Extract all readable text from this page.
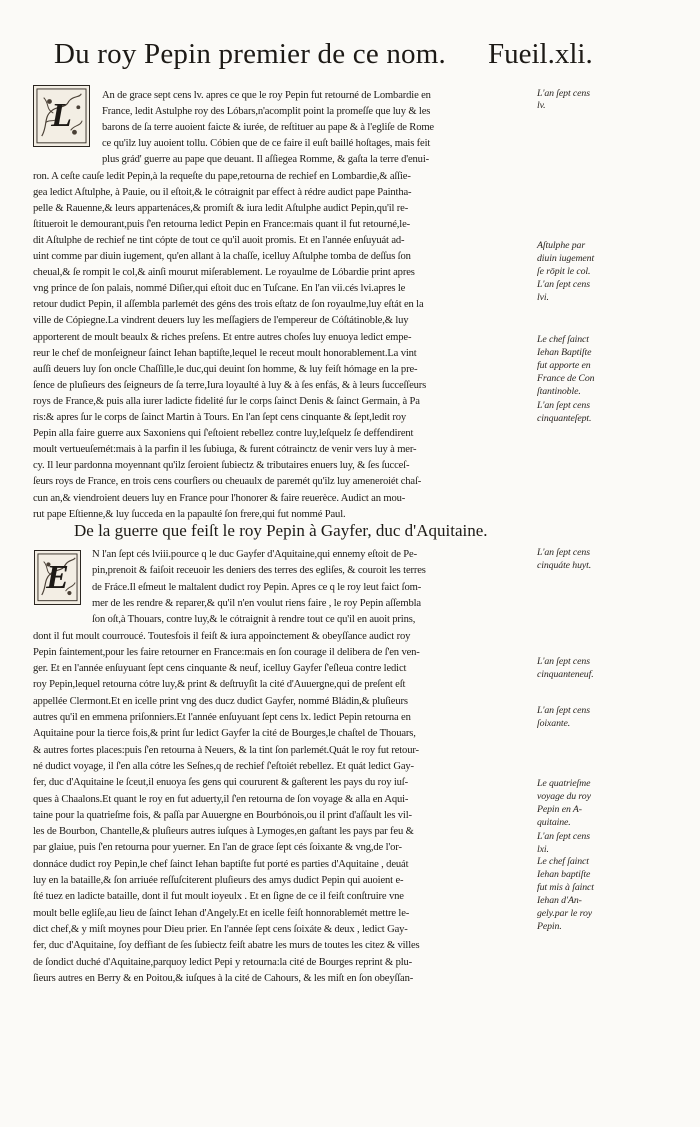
Du roy Pepin premier de ce nom.	Fueil.xli.
L
E
An de grace sept cens lv. apres ce que le roy Pepin fut retourné de Lombardie en
France, ledit Astulphe roy des Lóbars,n'acomplit point la promeſſe que luy & les
barons de ſa terre auoient faicte & iurée, de reſtituer au pape & à l'egliſe de Rome
ce qu'ilz luy auoient tollu. Cóbien que de ce faire il euſt baillé hoſtages, mais feit
plus grád' guerre au pape que deuant. Il aſſiegea Romme, & gaſta la terre d'enui-
ron. A ceſte cauſe ledit Pepin,à la requeſte du pape,retourna de rechief en Lombardie,& aſſie-
gea ledict Aſtulphe, à Pauie, ou il eſtoit,& le cótraignit par effect à rédre audict pape Paintha-
pelle & Rauenne,& leurs appartenáces,& promiſt & iura ledit Aſtulphe audict Pepin,qu'il re-
ſtitueroit le demourant,puis ſ'en retourna ledict Pepin en France:mais quant il fut retourné,le-
dit Aſtulphe de rechief ne tint cópte de tout ce qu'il auoit promis. Et en l'année enſuyuát ad-
uint comme par diuin iugement, qu'en allant à la chaſſe, icelluy Aſtulphe tomba de deſſus ſon
cheual,& ſe rompit le col,& ainſi mourut miſerablement. Le royaulme de Lóbardie print apres
vng prince de ſon palais, nommé Diſier,qui eſtoit duc en Tuſcane. En l'an vii.cés lvi.apres le
retour dudict Pepin, il aſſembla parlemét des géns des trois eſtatz de ſon royaulme,luy eſtát en la
ville de Cópiegne.La vindrent deuers luy les meſſagiers de l'empereur de Cóſtátinoble,& luy
apporterent de moult beaulx & riches preſens. Et entre autres choſes luy enuoya ledict empe-
reur le chef de monſeigneur ſainct Iehan baptiſte,lequel le receut moult honorablement.La vint
auſſi deuers luy ſon oncle Chaſſille,le duc,qui deuint ſon homme, & luy feiſt hómage en la pre-
ſence de pluſieurs des ſeigneurs de ſa terre,Iura loyaulté à luy & à ſes enfás, & à leurs ſucceſſeurs
roys de France,& puis alla iurer ladicte fidelité ſur le corps ſainct Denis & ſainct Germain, à Pa
ris:& apres ſur le corps de ſainct Martin à Tours. En l'an ſept cens cinquante & ſept,ledit roy
Pepin alla faire guerre aux Saxoniens qui ſ'eſtoient rebellez contre luy,leſquelz ſe deffendirent
moult vertueuſemét:mais à la parfin il les ſubiuga, & furent cótrainctz de venir vers luy à mer-
cy. Il leur pardonna moyennant qu'ilz ſeroient ſubiectz & tributaires enuers luy, & ſes ſucceſ-
ſeurs roys de France, en trois cens courſiers ou cheuaulx de paremét qu'ilz luy ameneroiét chaſ-
cun an,& viendroient deuers luy en France pour l'honorer & faire reuerèce. Audict an mou-
rut pape Eſtienne,& luy ſucceda en la papaulté ſon frere,qui fut nommé Paul.
De la guerre que feiſt le roy Pepin à Gayfer, duc d'Aquitaine.
N l'an ſept cés lviii.pource q le duc Gayfer d'Aquitaine,qui ennemy eſtoit de Pe-
pin,prenoit & faiſoit receuoir les deniers des terres des egliſes, & couroit les terres
de Fráce.Il eſmeut le maltalent dudict roy Pepin. Apres ce q le roy leut faict ſom-
mer de les rendre & reparer,& qu'il n'en voulut riens faire , le roy Pepin aſſembla
ſon oſt,à Thouars, contre luy,& le cótraignit à rendre tout ce qu'il en auoit prins,
dont il fut moult courroucé. Toutesfois il feiſt & iura appoinctement & obeyſſance audict roy
Pepin faintement,pour les faire retourner en France:mais en ſon courage il delibera de ſ'en ven-
ger. Et en l'année enſuyuant ſept cens cinquante & neuf, icelluy Gayfer ſ'eſleua contre ledict
roy Pepin,lequel retourna cótre luy,& print & deſtruyſit la cité d'Auuergne,qui de preſent eſt
appellée Clermont.Et en icelle print vng des ducz dudict Gayfer, nommé Bládin,& pluſieurs
autres qu'il en emmena priſonniers.Et l'année enſuyuant ſept cens lx. ledict Pepin retourna en
Aquitaine pour la tierce fois,& print ſur ledict Gayfer la cité de Bourges,le chaſtel de Thouars,
& autres fortes places:puis ſ'en retourna à Neuers, & la tint ſon parlemét.Quát le roy fut retour-
né dudict voyage, il ſ'en alla cótre les Seſnes,q de rechief ſ'eſtoiét rebellez. Et quát ledict Gay-
fer, duc d'Aquitaine le ſceut,il enuoya ſes gens qui coururent & gaſterent les pays du roy iuſ-
ques à Chaalons.Et quant le roy en fut aduerty,il ſ'en retourna de ſon voyage & alla en Aqui-
taine pour la quatrieſme fois, & paſſa par Auuergne en Bourbónois,ou il print d'aſſault les vil-
les de Bourbon, Chantelle,& pluſieurs autres iuſques à Lymoges,en gaſtant les pays par feu &
par glaiue, puis ſ'en retourna pour yuerner. En l'an de grace ſept cés ſoixante & vng,de l'or-
donnáce dudict roy Pepin,le chef ſainct Iehan baptiſte fut porté es parties d'Aquitaine , deuát
luy en la bataille,& ſon arriuée reſſuſciterent pluſieurs des amys dudict Pepin qui auoient e-
ſté tuez en ladicte bataille, dont il fut moult ioyeulx . Et en ſigne de ce il feiſt conſtruire vne
moult belle egliſe,au lieu de ſainct Iehan d'Angely.Et en icelle feiſt honnorablemét mettre le-
dict chef,& y miſt moynes pour Dieu prier. En l'année ſept cens ſoixáte & deux , ledict Gay-
fer, duc d'Aquitaine, ſoy deffiant de ſes ſubiectz feiſt abatre les murs de toutes les citez & villes
de ſondict duché d'Aquitaine,parquoy ledict Pepi y retourna:la cité de Bourges reprint & plu-
ſieurs autres en Berry & en Poitou,& iuſques à la cité de Cahours, & les miſt en ſon obeyſſan-
L'an ſept cens
lv.
Aſtulphe par
diuin iugement
ſe rōpit le col.
L'an ſept cens
lvi.
Le chef ſainct
Iehan Baptiſte
fut apporte en
France de Con
ſtantinoble.
L'an ſept cens
cinquanteſept.
L'an ſept cens
cinquáte huyt.
L'an ſept cens
cinquanteneuf.
L'an ſept cens
ſoixante.
Le quatrieſme
voyage du roy
Pepin en A-
quitaine.
L'an ſept cens
lxi.
Le chef ſainct
Iehan baptiſte
fut mis à ſainct
Iehan d'An-
gely.par le roy
Pepin.
